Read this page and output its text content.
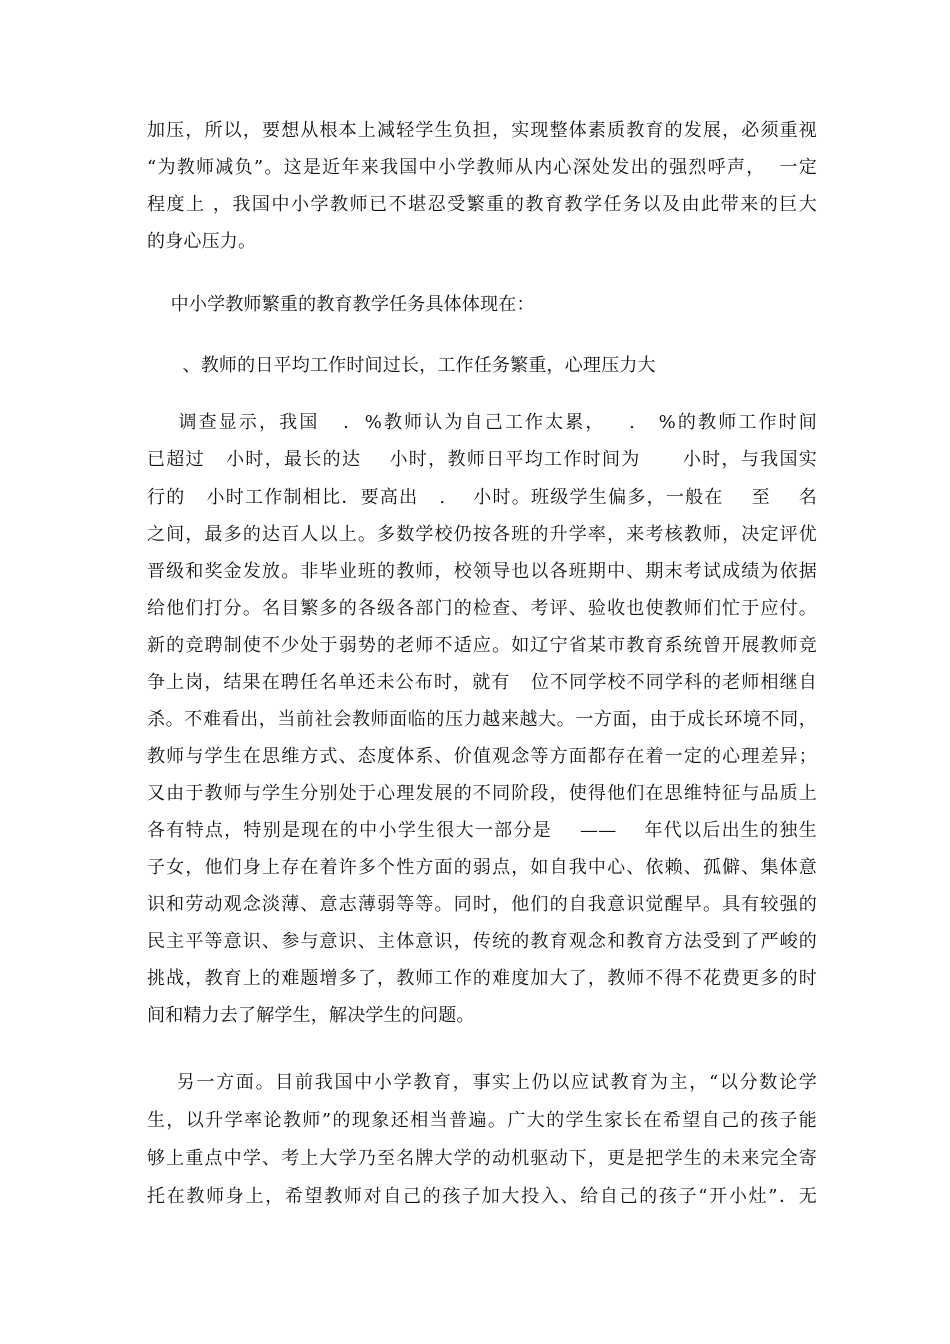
加压，所以，要想从根本上减轻学生负担，实现整体素质教育的发展，必须重视
“为教师减负”。这是近年来我国中小学教师从内心深处发出的强烈呼声，  一定
程度上 ，我国中小学教师已不堪忍受繁重的教育教学任务以及由此带来的巨大
的身心压力。
中小学教师繁重的教育教学任务具体体现在：
、教师的日平均工作时间过长，工作任务繁重，心理压力大
调查显示，我国   .  %教师认为自己工作太累，   .   %的教师工作时间
已超过   小时，最长的达    小时，教师日平均工作时间为      小时，与我国实
行的   小时工作制相比．要高出   .    小时。班级学生偏多，一般在    至    名
之间，最多的达百人以上。多数学校仍按各班的升学率，来考核教师，决定评优
晋级和奖金发放。非毕业班的教师，校领导也以各班期中、期末考试成绩为依据
给他们打分。名目繁多的各级各部门的检查、考评、验收也使教师们忙于应付。
新的竞聘制使不少处于弱势的老师不适应。如辽宁省某市教育系统曾开展教师竞
争上岗，结果在聘任名单还未公布时，就有   位不同学校不同学科的老师相继自
杀。不难看出，当前社会教师面临的压力越来越大。一方面，由于成长环境不同，
教师与学生在思维方式、态度体系、价值观念等方面都存在着一定的心理差异；
又由于教师与学生分别处于心理发展的不同阶段，使得他们在思维特征与品质上
各有特点，特别是现在的中小学生很大一部分是    ——    年代以后出生的独生
子女，他们身上存在着许多个性方面的弱点，如自我中心、依赖、孤僻、集体意
识和劳动观念淡薄、意志薄弱等等。同时，他们的自我意识觉醒早。具有较强的
民主平等意识、参与意识、主体意识，传统的教育观念和教育方法受到了严峻的
挑战，教育上的难题增多了，教师工作的难度加大了，教师不得不花费更多的时
间和精力去了解学生，解决学生的问题。
另一方面。目前我国中小学教育，事实上仍以应试教育为主，“以分数论学
生，以升学率论教师”的现象还相当普遍。广大的学生家长在希望自己的孩子能
够上重点中学、考上大学乃至名牌大学的动机驱动下，更是把学生的未来完全寄
托在教师身上，希望教师对自己的孩子加大投入、给自己的孩子“开小灶”．无
